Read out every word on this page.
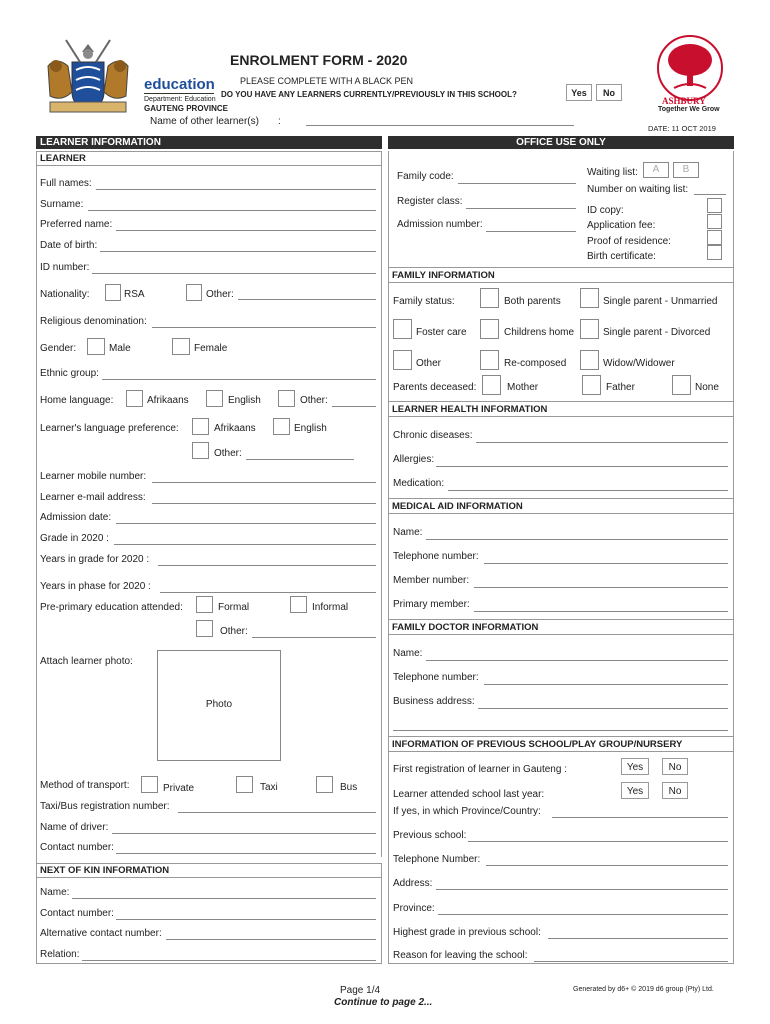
education
Department: Education
GAUTENG PROVINCE
ENROLMENT FORM - 2020
PLEASE COMPLETE WITH A BLACK PEN
DO YOU HAVE ANY LEARNERS CURRENTLY/PREVIOUSLY IN THIS SCHOOL?	Yes	No
Name of other learner(s) :
ASHBURY
Together We Grow
DATE: 11 OCT 2019
LEARNER INFORMATION	OFFICE USE ONLY
LEARNER
Full names:
Surname:
Preferred name:
Date of birth:
ID number:
Nationality:	RSA	Other:
Religious denomination:
Gender:	Male	Female
Ethnic group:
Home language:	Afrikaans	English	Other:
Learner's language preference:	Afrikaans	English
Other:
Learner mobile number:
Learner e-mail address:
Admission date:
Grade in 2020 :
Years in grade for 2020 :
Years in phase for 2020 :
Pre-primary education attended:	Formal	Informal
Other:
Attach learner photo:
Photo
Method of transport:	Private	Taxi	Bus
Taxi/Bus registration number:
Name of driver:
Contact number:
NEXT OF KIN INFORMATION
Name:
Contact number:
Alternative contact number:
Relation:
Family code:
Register class:
Admission number:
Waiting list:	A	B
Number on waiting list:
ID copy:
Application fee:
Proof of residence:
Birth certificate:
FAMILY INFORMATION
Family status:	Both parents	Single parent - Unmarried
Foster care	Childrens home	Single parent - Divorced
Other	Re-composed	Widow/Widower
Parents deceased:	Mother	Father	None
LEARNER HEALTH INFORMATION
Chronic diseases:
Allergies:
Medication:
MEDICAL AID INFORMATION
Name:
Telephone number:
Member number:
Primary member:
FAMILY DOCTOR INFORMATION
Name:
Telephone number:
Business address:
INFORMATION OF PREVIOUS SCHOOL/PLAY GROUP/NURSERY
First registration of learner in Gauteng :	Yes	No
Learner attended school last year:	Yes	No
If yes, in which Province/Country:
Previous school:
Telephone Number:
Address:
Province:
Highest grade in previous school:
Reason for leaving the school:
Page 1/4
Continue to page 2...
Generated by d6+ © 2019 d6 group (Pty) Ltd.
